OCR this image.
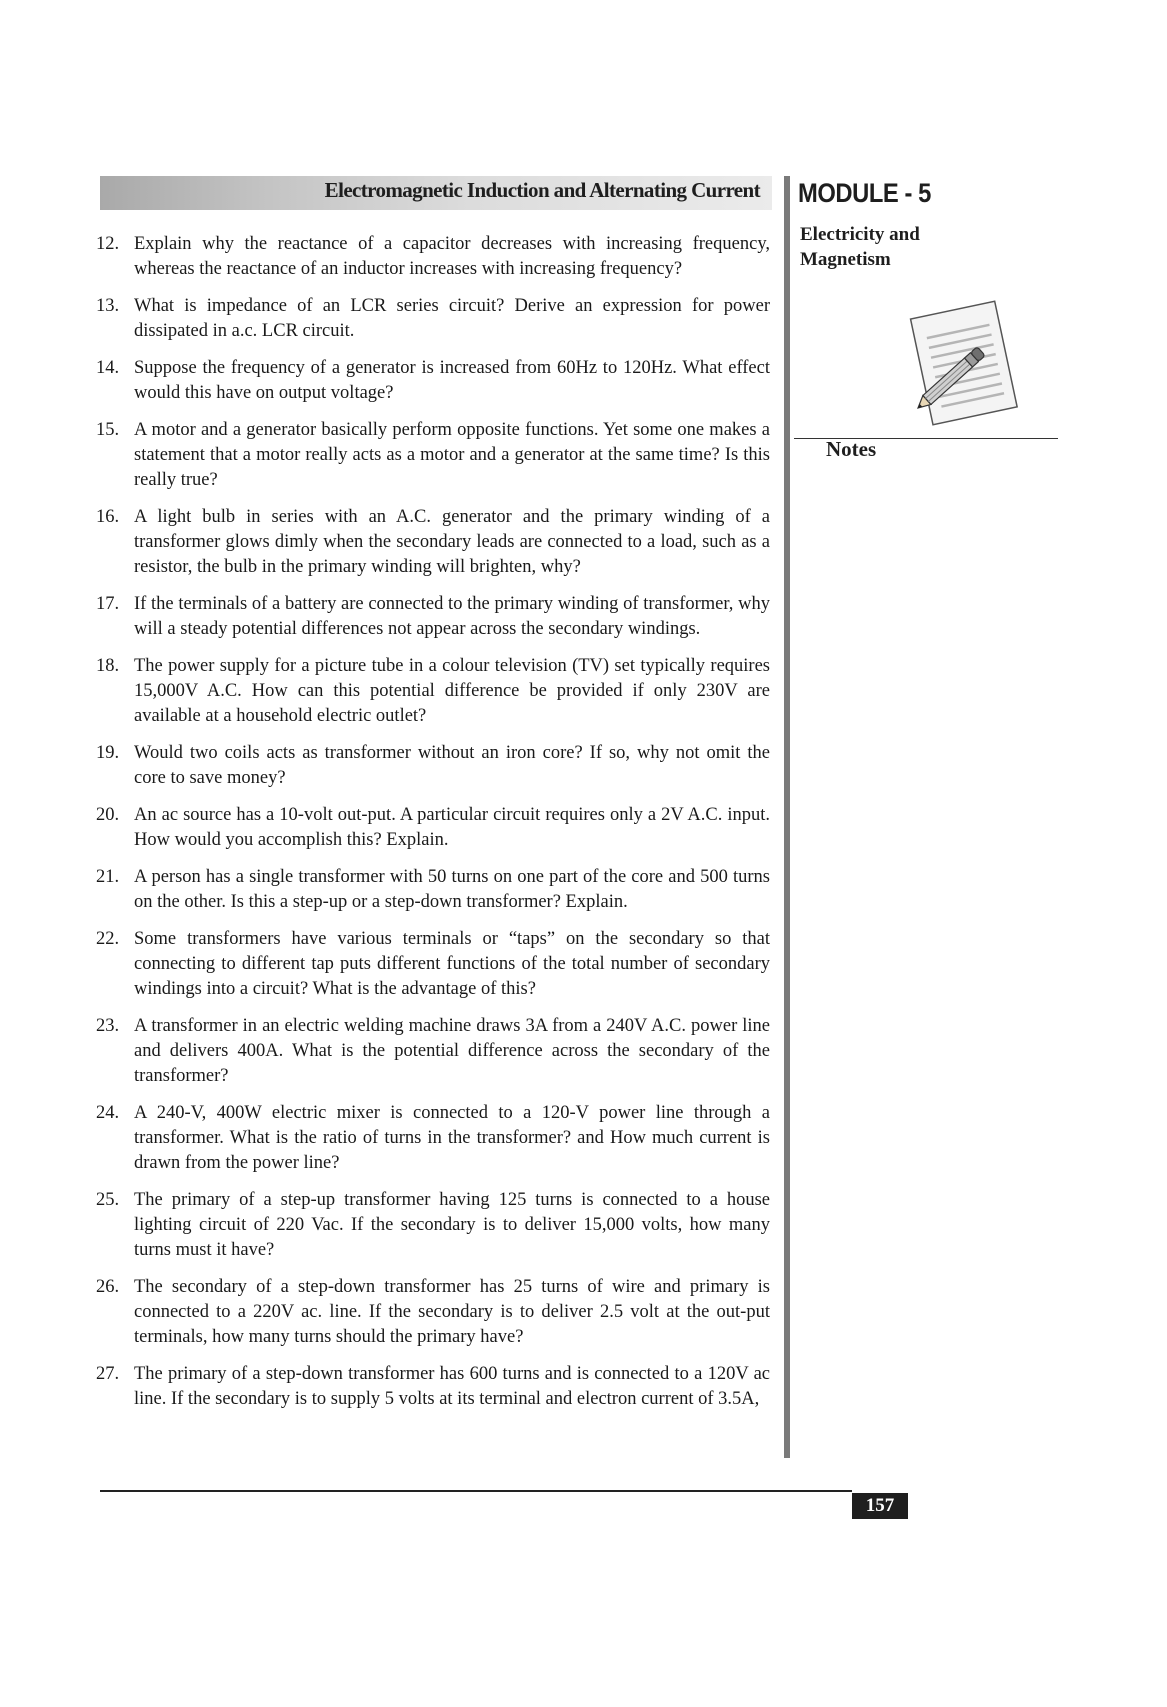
Electromagnetic Induction and Alternating Current MODULE - 5
Electricity and Magnetism
Notes
12. Explain why the reactance of a capacitor decreases with increasing frequency, whereas the reactance of an inductor increases with increasing frequency?
13. What is impedance of an LCR series circuit? Derive an expression for power dissipated in a.c. LCR circuit.
14. Suppose the frequency of a generator is increased from 60Hz to 120Hz. What effect would this have on output voltage?
15. A motor and a generator basically perform opposite functions. Yet some one makes a statement that a motor really acts as a motor and a generator at the same time? Is this really true?
16. A light bulb in series with an A.C. generator and the primary winding of a transformer glows dimly when the secondary leads are connected to a load, such as a resistor, the bulb in the primary winding will brighten, why?
17. If the terminals of a battery are connected to the primary winding of transformer, why will a steady potential differences not appear across the secondary windings.
18. The power supply for a picture tube in a colour television (TV) set typically requires 15,000V A.C. How can this potential difference be provided if only 230V are available at a household electric outlet?
19. Would two coils acts as transformer without an iron core? If so, why not omit the core to save money?
20. An ac source has a 10-volt out-put. A particular circuit requires only a 2V A.C. input. How would you accomplish this? Explain.
21. A person has a single transformer with 50 turns on one part of the core and 500 turns on the other. Is this a step-up or a step-down transformer? Explain.
22. Some transformers have various terminals or “taps” on the secondary so that connecting to different tap puts different functions of the total number of secondary windings into a circuit? What is the advantage of this?
23. A transformer in an electric welding machine draws 3A from a 240V A.C. power line and delivers 400A. What is the potential difference across the secondary of the transformer?
24. A 240-V, 400W electric mixer is connected to a 120-V power line through a transformer. What is the ratio of turns in the transformer? and How much current is drawn from the power line?
25. The primary of a step-up transformer having 125 turns is connected to a house lighting circuit of 220 Vac. If the secondary is to deliver 15,000 volts, how many turns must it have?
26. The secondary of a step-down transformer has 25 turns of wire and primary is connected to a 220V ac. line. If the secondary is to deliver 2.5 volt at the out-put terminals, how many turns should the primary have?
27. The primary of a step-down transformer has 600 turns and is connected to a 120V ac line. If the secondary is to supply 5 volts at its terminal and electron current of 3.5A,
157
